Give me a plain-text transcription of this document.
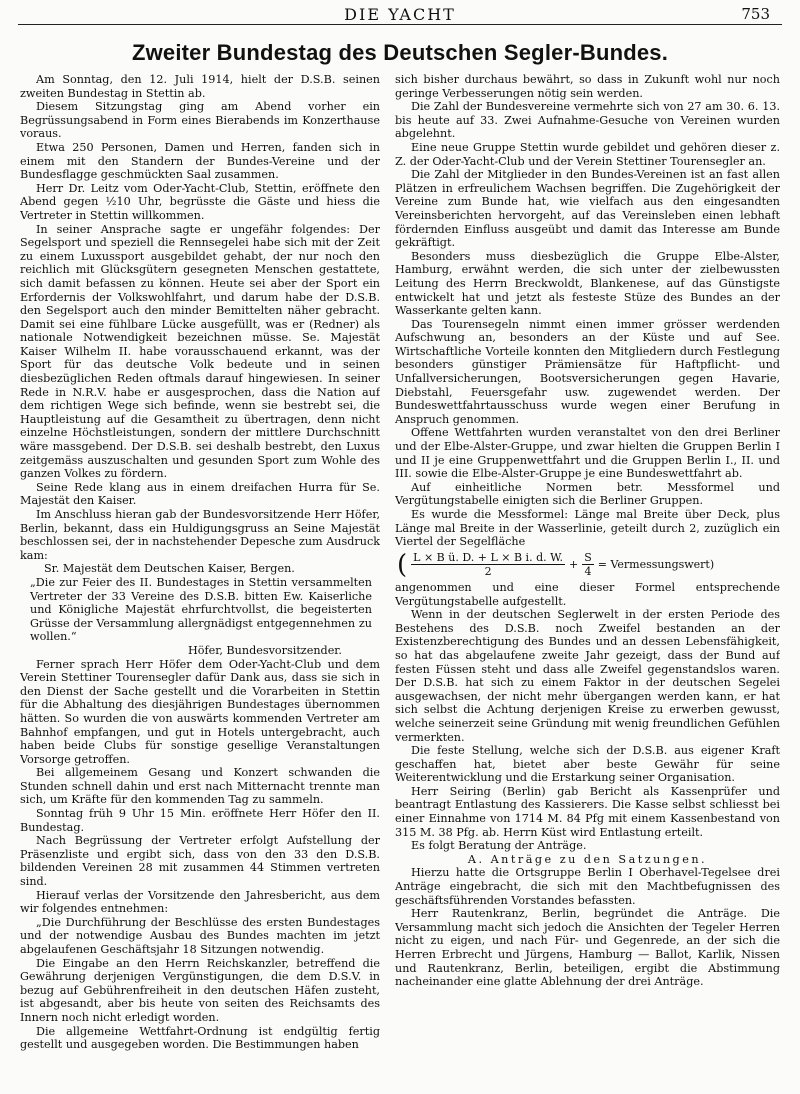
DIE YACHT	753
Zweiter Bundestag des Deutschen Segler-Bundes.

Am Sonntag, den 12. Juli 1914, hielt der D.S.B. seinen zweiten Bundestag in Stettin ab.

Diesem Sitzungstag ging am Abend vorher ein Begrüssungsabend in Form eines Bierabends im Konzerthause voraus.

Etwa 250 Personen, Damen und Herren, fanden sich in einem mit den Standern der Bundes-Vereine und der Bundesflagge geschmückten Saal zusammen.

Herr Dr. Leitz vom Oder-Yacht-Club, Stettin, eröffnete den Abend gegen ½10 Uhr, begrüsste die Gäste und hiess die Vertreter in Stettin willkommen.

In seiner Ansprache sagte er ungefähr folgendes: Der Segelsport und speziell die Rennsegelei habe sich mit der Zeit zu einem Luxussport ausgebildet gehabt, der nur noch den reichlich mit Glücksgütern gesegneten Menschen gestattete, sich damit befassen zu können. Heute sei aber der Sport ein Erfordernis der Volkswohlfahrt, und darum habe der D.S.B. den Segelsport auch den minder Bemittelten näher gebracht. Damit sei eine fühlbare Lücke ausgefüllt, was er (Redner) als nationale Notwendigkeit bezeichnen müsse. Se. Majestät Kaiser Wilhelm II. habe vorausschauend erkannt, was der Sport für das deutsche Volk bedeute und in seinen diesbezüglichen Reden oftmals darauf hingewiesen. In seiner Rede in N.R.V. habe er ausgesprochen, dass die Nation auf dem richtigen Wege sich befinde, wenn sie bestrebt sei, die Hauptleistung auf die Gesamtheit zu übertragen, denn nicht einzelne Höchstleistungen, sondern der mittlere Durchschnitt wäre massgebend. Der D.S.B. sei deshalb bestrebt, den Luxus zeitgemäss auszuschalten und gesunden Sport zum Wohle des ganzen Volkes zu fördern.

Seine Rede klang aus in einem dreifachen Hurra für Se. Majestät den Kaiser.

Im Anschluss hieran gab der Bundesvorsitzende Herr Höfer, Berlin, bekannt, dass ein Huldigungsgruss an Seine Majestät beschlossen sei, der in nachstehender Depesche zum Ausdruck kam:

Sr. Majestät dem Deutschen Kaiser, Bergen.

„Die zur Feier des II. Bundestages in Stettin versammelten Vertreter der 33 Vereine des D.S.B. bitten Ew. Kaiserliche und Königliche Majestät ehrfurchtvollst, die begeistertеn Grüsse der Versammlung allergnädigst entgegennehmen zu wollen.“

Höfer, Bundesvorsitzender.

Ferner sprach Herr Höfer dem Oder-Yacht-Club und dem Verein Stettiner Tourensegler dafür Dank aus, dass sie sich in den Dienst der Sache gestellt und die Vorarbeiten in Stettin für die Abhaltung des diesjährigen Bundestages übernommen hätten. So wurden die von auswärts kommenden Vertreter am Bahnhof empfangen, und gut in Hotels untergebracht, auch haben beide Clubs für sonstige gesellige Veranstaltungen Vorsorge getroffen.

Bei allgemeinem Gesang und Konzert schwanden die Stunden schnell dahin und erst nach Mitternacht trennte man sich, um Kräfte für den kommenden Tag zu sammeln.

Sonntag früh 9 Uhr 15 Min. eröffnete Herr Höfer den II. Bundestag.

Nach Begrüssung der Vertreter erfolgt Aufstellung der Präsenzliste und ergibt sich, dass von den 33 den D.S.B. bildenden Vereinen 28 mit zusammen 44 Stimmen vertreten sind.

Hierauf verlas der Vorsitzende den Jahresbericht, aus dem wir folgendes entnehmen:

„Die Durchführung der Beschlüsse des ersten Bundestages und der notwendige Ausbau des Bundes machten im jetzt abgelaufenen Geschäftsjahr 18 Sitzungen notwendig.

Die Eingabe an den Herrn Reichskanzler, betreffend die Gewährung derjenigen Vergünstigungen, die dem D.S.V. in bezug auf Gebührenfreiheit in den deutschen Häfen zusteht, ist abgesandt, aber bis heute von seiten des Reichsamts des Innern noch nicht erledigt worden.

Die allgemeine Wettfahrt-Ordnung ist endgültig fertig gestellt und ausgegeben worden. Die Bestimmungen haben

sich bisher durchaus bewährt, so dass in Zukunft wohl nur noch geringe Verbesserungen nötig sein werden.

Die Zahl der Bundesvereine vermehrte sich von 27 am 30. 6. 13. bis heute auf 33. Zwei Aufnahme-Gesuche von Vereinen wurden abgelehnt.

Eine neue Gruppe Stettin wurde gebildet und gehören dieser z. Z. der Oder-Yacht-Club und der Verein Stettiner Tourensegler an.

Die Zahl der Mitglieder in den Bundes-Vereinen ist an fast allen Plätzen in erfreulichem Wachsen begriffen. Die Zugehörigkeit der Vereine zum Bunde hat, wie vielfach aus den eingesandten Vereinsberichten hervorgeht, auf das Vereinsleben einen lebhaft fördernden Einfluss ausgeübt und damit das Interesse am Bunde gekräftigt.

Besonders muss diesbezüglich die Gruppe Elbe-Alster, Hamburg, erwähnt werden, die sich unter der zielbewussten Leitung des Herrn Breckwoldt, Blankenese, auf das Günstigste entwickelt hat und jetzt als festeste Stüze des Bundes an der Wasserkante gelten kann.

Das Tourensegeln nimmt einen immer grösser werdenden Aufschwung an, besonders an der Küste und auf See. Wirtschaftliche Vorteile konnten den Mitgliedern durch Festlegung besonders günstiger Prämiensätze für Haftpflicht- und Unfallversicherungen, Bootsversicherungen gegen Havarie, Diebstahl, Feuersgefahr usw. zugewendet werden. Der Bundeswettfahrtausschuss wurde wegen einer Berufung in Anspruch genommen.

Offene Wettfahrten wurden veranstaltet von den drei Berliner und der Elbe-Alster-Gruppe, und zwar hielten die Gruppen Berlin I und II je eine Gruppenwettfahrt und die Gruppen Berlin I., II. und III. sowie die Elbe-Alster-Gruppe je eine Bundeswettfahrt ab.

Auf einheitliche Normen betr. Messformel und Vergütungstabelle einigten sich die Berliner Gruppen.

Es wurde die Messformel: Länge mal Breite über Deck, plus Länge mal Breite in der Wasserlinie, geteilt durch 2, zuzüglich ein Viertel der Segelfläche

( $\frac{\text{L × B ü. D. + L × B i. d. W.}}{2} + \frac{S}{4}$ = Vermessungswert)

angenommen und eine dieser Formel entsprechende Vergütungstabelle aufgestellt.

Wenn in der deutschen Seglerwelt in der ersten Periode des Bestehens des D.S.B. noch Zweifel bestanden an der Existenzberechtigung des Bundes und an dessen Lebensfähigkeit, so hat das abgelaufene zweite Jahr gezeigt, dass der Bund auf festen Füssen steht und dass alle Zweifel gegenstandslos waren. Der D.S.B. hat sich zu einem Faktor in der deutschen Segelei ausgewachsen, der nicht mehr übergangen werden kann, er hat sich selbst die Achtung derjenigen Kreise zu erwerben gewusst, welche seinerzeit seine Gründung mit wenig freundlichen Gefühlen vermerkten.

Die feste Stellung, welche sich der D.S.B. aus eigener Kraft geschaffen hat, bietet aber beste Gewähr für seine Weiterentwicklung und die Erstarkung seiner Organisation.

Herr Seiring (Berlin) gab Bericht als Kassenprüfer und beantragt Entlastung des Kassierers. Die Kasse selbst schliesst bei einer Einnahme von 1714 M. 84 Pfg mit einem Kassenbestand von 315 M. 38 Pfg. ab. Herrn Küst wird Entlastung erteilt.

Es folgt Beratung der Anträge.

A. Anträge zu den Satzungen.

Hierzu hatte die Ortsgruppe Berlin I Oberhavel-Tegelsee drei Anträge eingebracht, die sich mit den Machtbefugnissen des geschäftsführenden Vorstandes befassten.

Herr Rautenkranz, Berlin, begründet die Anträge. Die Versammlung macht sich jedoch die Ansichten der Tegeler Herren nicht zu eigen, und nach Für- und Gegenrede, an der sich die Herren Erbrecht und Jürgens, Hamburg — Ballot, Karlik, Nissen und Rautenkranz, Berlin, beteiligen, ergibt die Abstimmung nacheinander eine glatte Ablehnung der drei Anträge.
